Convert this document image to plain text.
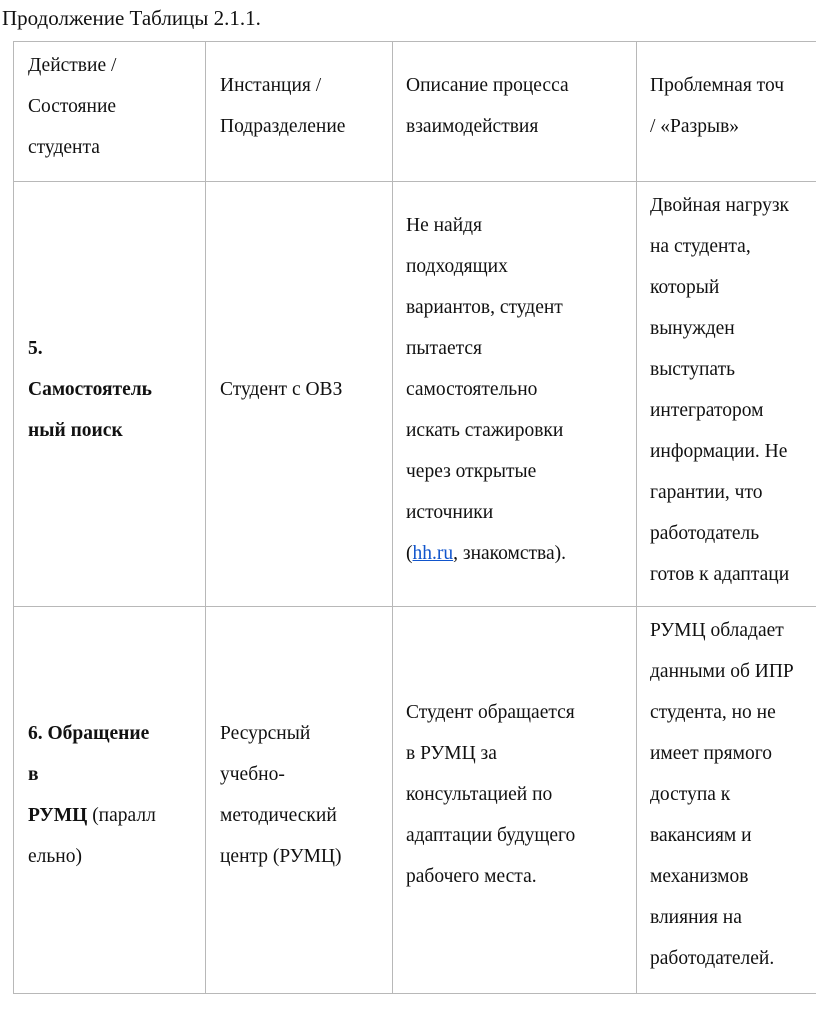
Продолжение Таблицы 2.1.1.
Действие /
Состояние
студента
Инстанция /
Подразделение
Описание процесса
взаимодействия
Проблемная точ
/ «Разрыв»
5.
Самостоятель
ный поиск
Студент с ОВЗ
Не найдя
подходящих
вариантов, студент
пытается
самостоятельно
искать стажировки
через открытые
источники
(hh.ru, знакомства).
Двойная нагрузк
на студента,
который
вынужден
выступать
интегратором
информации. Не
гарантии, что
работодатель
готов к адаптаци
6. Обращение
в
РУМЦ (паралл
ельно)
Ресурсный
учебно-
методический
центр (РУМЦ)
Студент обращается
в РУМЦ за
консультацией по
адаптации будущего
рабочего места.
РУМЦ обладает
данными об ИПР
студента, но не
имеет прямого
доступа к
вакансиям и
механизмов
влияния на
работодателей.
